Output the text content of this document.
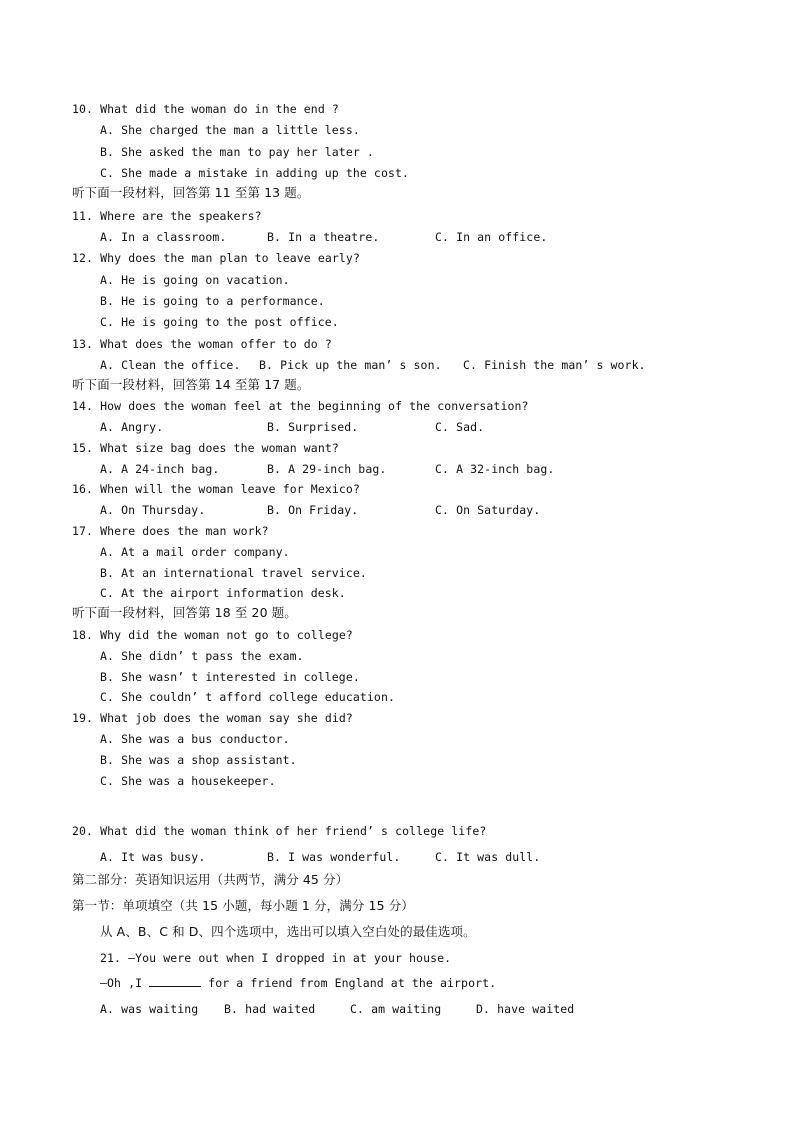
10. What did the woman do in the end ?
A. She charged the man a little less.
B. She asked the man to pay her later .
C. She made a mistake in adding up the cost.
听下面一段材料，回答第 11 至第 13 题。
11. Where are the speakers?

A. In a classroom.

	B. In a theatre.

	C. In an office.

12. Why does the man plan to leave early?
A. He is going on vacation.
B. He is going to a performance.
C. He is going to the post office.
13. What does the woman offer to do ?

A. Clean the office.

B. Pick up the man’ s son.

C. Finish the man’ s work.

听下面一段材料，回答第 14 至第 17 题。
14. How does the woman feel at the beginning of the conversation?

A. Angry.

	B. Surprised.

	C. Sad.

15. What size bag does the woman want?

A. A 24-inch bag.

	B. A 29-inch bag.

	C. A 32-inch bag.

16. When will the woman leave for Mexico?

A. On Thursday.

	B. On Friday.

	C. On Saturday.

17. Where does the man work?
A. At a mail order company.
B. At an international travel service.
C. At the airport information desk.
听下面一段材料，回答第 18 至 20 题。
18. Why did the woman not go to college?
A. She didn’ t pass the exam.
B. She wasn’ t interested in college.
C. She couldn’ t afford college education.
19. What job does the woman say she did?
A. She was a bus conductor.
B. She was a shop assistant.
C. She was a housekeeper.
20. What did the woman think of her friend’ s college life?

A. It was busy.

	B. I was wonderful.

	C. It was dull.

第二部分：英语知识运用（共两节，满分 45 分）
第一节：单项填空（共 15 小题，每小题 1 分，满分 15 分）
从 A、B、C 和 D、四个选项中，选出可以填入空白处的最佳选项。
21. —You were out when I dropped in at your house.
—Oh ,I	for a friend from England at the airport.

A. was waiting

B. had waited

	C. am waiting

	D. have waited
